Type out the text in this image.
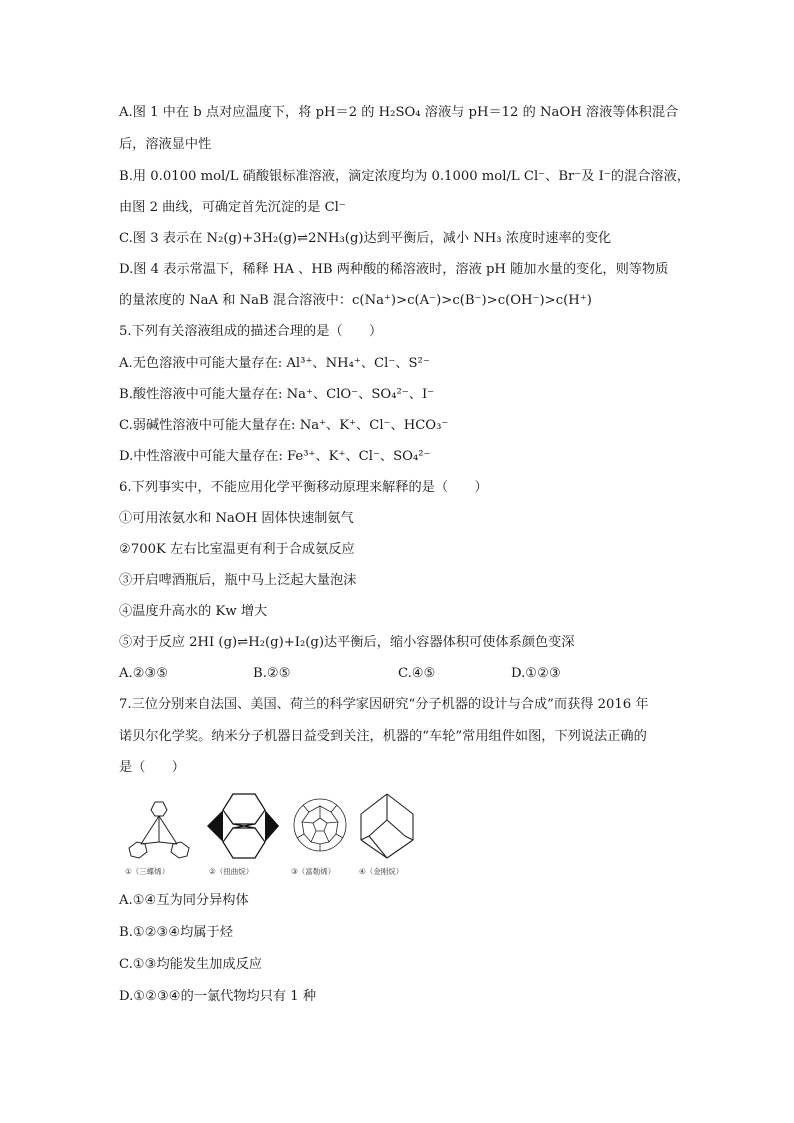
A.图 1 中在 b 点对应温度下，将 pH＝2 的 H₂SO₄ 溶液与 pH＝12 的 NaOH 溶液等体积混合
后，溶液显中性
B.用 0.0100 mol/L 硝酸银标准溶液，滴定浓度均为 0.1000 mol/L Cl⁻、Br⁻及 I⁻的混合溶液，
由图 2 曲线，可确定首先沉淀的是 Cl⁻
C.图 3 表示在 N₂(g)+3H₂(g)⇌2NH₃(g)达到平衡后，减小 NH₃ 浓度时速率的变化
D.图 4 表示常温下，稀释 HA 、HB 两种酸的稀溶液时，溶液 pH 随加水量的变化，则等物质
的量浓度的 NaA 和 NaB 混合溶液中：c(Na⁺)>c(A⁻)>c(B⁻)>c(OH⁻)>c(H⁺)
5.下列有关溶液组成的描述合理的是（　　）
A.无色溶液中可能大量存在: Al³⁺、NH₄⁺、Cl⁻、S²⁻
B.酸性溶液中可能大量存在: Na⁺、ClO⁻、SO₄²⁻、I⁻
C.弱碱性溶液中可能大量存在: Na⁺、K⁺、Cl⁻、HCO₃⁻
D.中性溶液中可能大量存在: Fe³⁺、K⁺、Cl⁻、SO₄²⁻
6.下列事实中，不能应用化学平衡移动原理来解释的是（　　）
①可用浓氨水和 NaOH 固体快速制氨气
②700K 左右比室温更有利于合成氨反应
③开启啤酒瓶后，瓶中马上泛起大量泡沫
④温度升高水的 Kw 增大
⑤对于反应 2HI (g)⇌H₂(g)+I₂(g)达平衡后，缩小容器体积可使体系颜色变深
A.②③⑤	B.②⑤	C.④⑤	D.①②③
7.三位分别来自法国、美国、荷兰的科学家因研究“分子机器的设计与合成”而获得 2016 年
诺贝尔化学奖。纳米分子机器日益受到关注，机器的“车轮”常用组件如图，下列说法正确的
是（　　）
①（三蝶烯）	②（扭曲烷）	③（富勒烯）	④（金刚烷）
A.①④互为同分异构体
B.①②③④均属于烃
C.①③均能发生加成反应
D.①②③④的一氯代物均只有 1 种
